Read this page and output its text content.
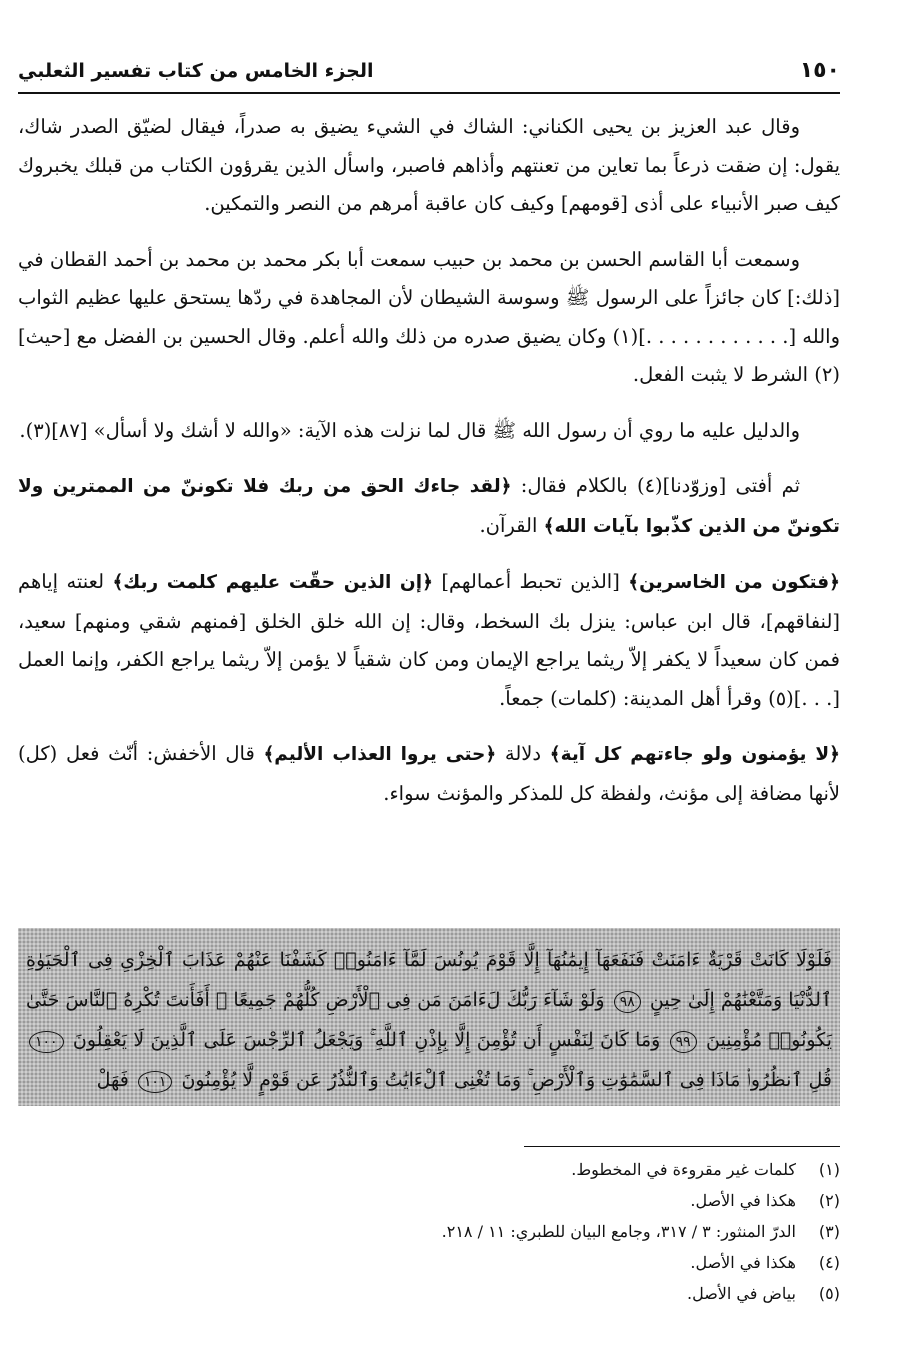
١٥٠
الجزء الخامس من كتاب تفسير الثعلبي

وقال عبد العزيز بن يحيى الكناني: الشاك في الشيء يضيق به صدراً، فيقال لضيّق الصدر شاك، يقول: إن ضقت ذرعاً بما تعاين من تعنتهم وأذاهم فاصبر، واسأل الذين يقرؤون الكتاب من قبلك يخبروك كيف صبر الأنبياء على أذى [قومهم] وكيف كان عاقبة أمرهم من النصر والتمكين.

وسمعت أبا القاسم الحسن بن محمد بن حبيب سمعت أبا بكر محمد بن محمد بن أحمد القطان في [ذلك:] كان جائزاً على الرسول ﷺ وسوسة الشيطان لأن المجاهدة في ردّها يستحق عليها عظيم الثواب والله [. . . . . . . . . . . .](١) وكان يضيق صدره من ذلك والله أعلم. وقال الحسين بن الفضل مع [حيث](٢) الشرط لا يثبت الفعل.

والدليل عليه ما روي أن رسول الله ﷺ قال لما نزلت هذه الآية: «والله لا أشك ولا أسأل» [٨٧](٣).

ثم أفتى [وزوّدنا](٤) بالكلام فقال: ﴿لقد جاءك الحق من ربك فلا تكوننّ من الممترين ولا تكوننّ من الذين كذّبوا بآيات الله﴾ القرآن.

﴿فتكون من الخاسرين﴾ [الذين تحبط أعمالهم] ﴿إن الذين حقّت عليهم كلمت ربك﴾ لعنته إياهم [لنفاقهم]، قال ابن عباس: ينزل بك السخط، وقال: إن الله خلق الخلق [فمنهم شقي ومنهم] سعيد، فمن كان سعيداً لا يكفر إلاّ ريثما يراجع الإيمان ومن كان شقياً لا يؤمن إلاّ ريثما يراجع الكفر، وإنما العمل [. . .](٥) وقرأ أهل المدينة: (كلمات) جمعاً.

﴿لا يؤمنون ولو جاءتهم كل آية﴾ دلالة ﴿حتى يروا العذاب الأليم﴾ قال الأخفش: أنّث فعل (كل) لأنها مضافة إلى مؤنث، ولفظة كل للمذكر والمؤنث سواء.

فَلَوْلَا كَانَتْ قَرْيَةٌ ءَامَنَتْ فَنَفَعَهَآ إِيمَٰنُهَآ إِلَّا قَوْمَ يُونُسَ لَمَّآ ءَامَنُوا۟ كَشَفْنَا عَنْهُمْ عَذَابَ ٱلْخِزْىِ فِى ٱلْحَيَوٰةِ ٱلدُّنْيَا وَمَتَّعْنَٰهُمْ إِلَىٰ حِينٍ ٩٨ وَلَوْ شَآءَ رَبُّكَ لَءَامَنَ مَن فِى ٱلْأَرْضِ كُلُّهُمْ جَمِيعًا ۚ أَفَأَنتَ تُكْرِهُ ٱلنَّاسَ حَتَّىٰ يَكُونُوا۟ مُؤْمِنِينَ ٩٩ وَمَا كَانَ لِنَفْسٍ أَن تُؤْمِنَ إِلَّا بِإِذْنِ ٱللَّهِ ۚ وَيَجْعَلُ ٱلرِّجْسَ عَلَى ٱلَّذِينَ لَا يَعْقِلُونَ ١٠٠ قُلِ ٱنظُرُوا۟ مَاذَا فِى ٱلسَّمَٰوَٰتِ وَٱلْأَرْضِ ۚ وَمَا تُغْنِى ٱلْءَايَٰتُ وَٱلنُّذُرُ عَن قَوْمٍ لَّا يُؤْمِنُونَ ١٠١ فَهَلْ
(١)كلمات غير مقروءة في المخطوط.
(٢)هكذا في الأصل.
(٣)الدرّ المنثور: ٣ / ٣١٧، وجامع البيان للطبري: ١١ / ٢١٨.
(٤)هكذا في الأصل.
(٥)بياض في الأصل.
